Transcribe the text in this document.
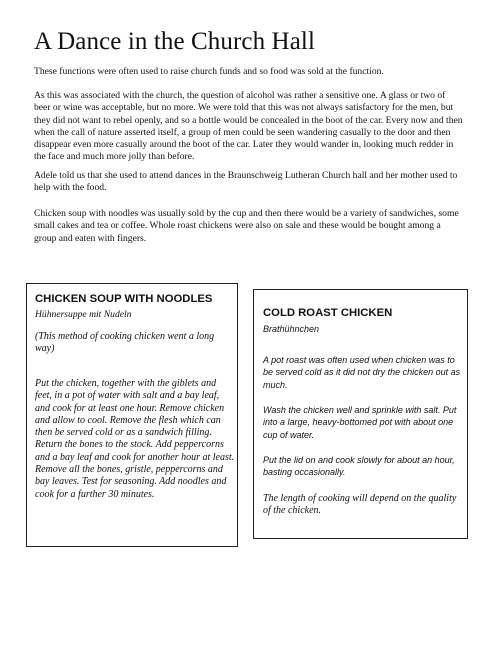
A Dance in the Church Hall

These functions were often used to raise church funds and so food was sold at the function.

As this was associated with the church, the question of alcohol was rather a sensitive one. A glass or two of beer or wine was acceptable, but no more. We were told that this was not always satisfactory for the men, but they did not want to rebel openly, and so a bottle would be concealed in the boot of the car. Every now and then when the call of nature asserted itself, a group of men could be seen wandering casually to the door and then disappear even more casually around the boot of the car. Later they would wander in, looking much redder in the face and much more jolly than before.

Adele told us that she used to attend dances in the Braunschweig Lutheran Church hall and her mother used to help with the food.

Chicken soup with noodles was usually sold by the cup and then there would be a variety of sandwiches, some small cakes and tea or coffee. Whole roast chickens were also on sale and these would be bought among a group and eaten with fingers.

CHICKEN SOUP WITH NOODLES

Hühnersuppe mit Nudeln

(This method of cooking chicken went a long way)

Put the chicken, together with the giblets and feet, in a pot of water with salt and a bay leaf, and cook for at least one hour. Remove chicken and allow to cool. Remove the flesh which can then be served cold or as a sandwich filling. Return the bones to the stock. Add peppercorns and a bay leaf and cook for another hour at least. Remove all the bones, gristle, peppercorns and bay leaves. Test for seasoning. Add noodles and cook for a further 30 minutes.

COLD ROAST CHICKEN

Brathühnchen

A pot roast was often used when chicken was to be served cold as it did not dry the chicken out as much.

Wash the chicken well and sprinkle with salt. Put into a large, heavy-bottomed pot with about one cup of water.

Put the lid on and cook slowly for about an hour, basting occasionally.

The length of cooking will depend on the quality of the chicken.
